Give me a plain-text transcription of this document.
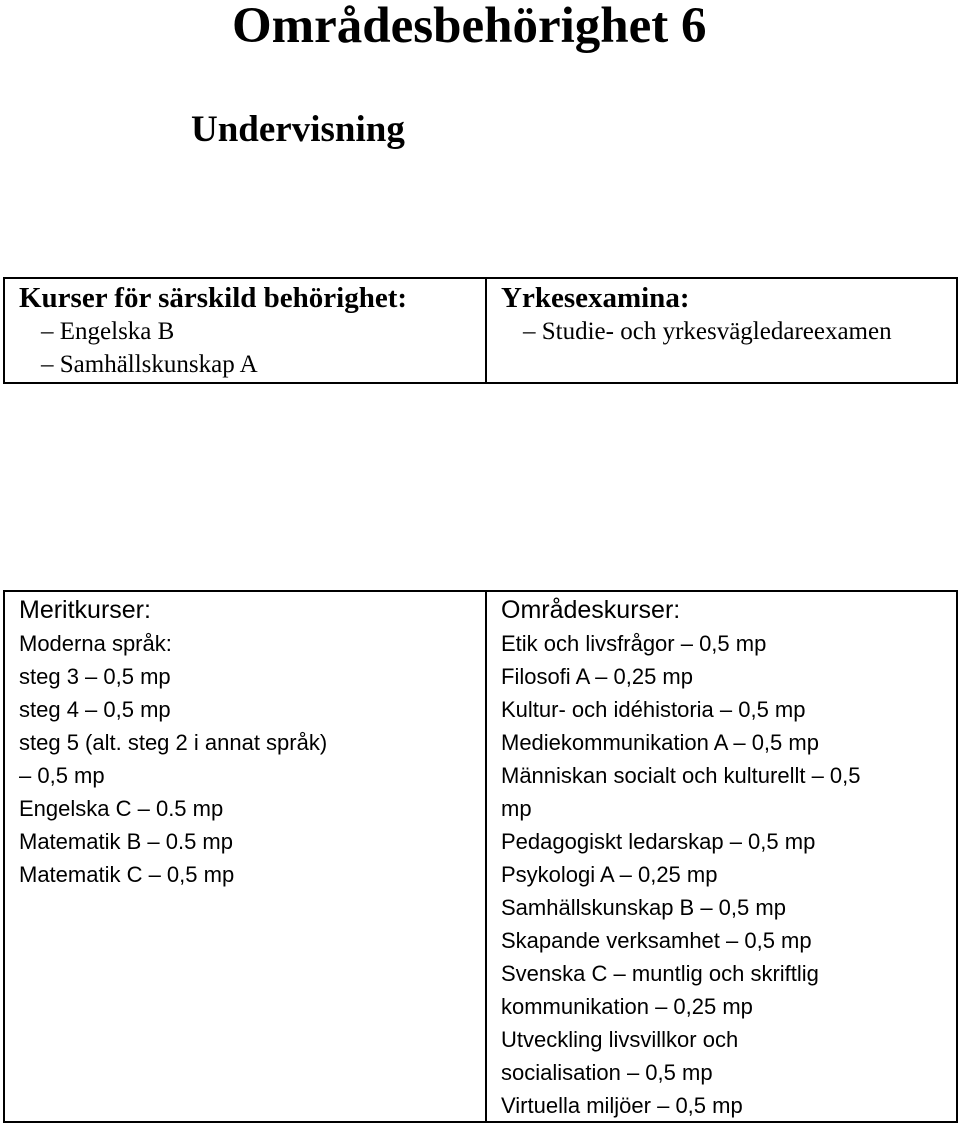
Områdesbehörighet 6
Undervisning
Kurser för särskild behörighet:
– Engelska B
– Samhällskunskap A
Yrkesexamina:
– Studie- och yrkesvägledareexamen
Meritkurser:
Moderna språk:
steg 3 – 0,5 mp
steg 4 – 0,5 mp
steg 5 (alt. steg 2 i annat språk)
– 0,5 mp
Engelska C – 0.5 mp
Matematik B – 0.5 mp
Matematik C – 0,5 mp
Områdeskurser:
Etik och livsfrågor – 0,5 mp
Filosofi A – 0,25 mp
Kultur- och idéhistoria – 0,5 mp
Mediekommunikation A – 0,5 mp
Människan socialt och kulturellt – 0,5
mp
Pedagogiskt ledarskap – 0,5 mp
Psykologi A – 0,25 mp
Samhällskunskap B – 0,5 mp
Skapande verksamhet – 0,5 mp
Svenska C – muntlig och skriftlig
kommunikation – 0,25 mp
Utveckling livsvillkor och
socialisation – 0,5 mp
Virtuella miljöer – 0,5 mp
